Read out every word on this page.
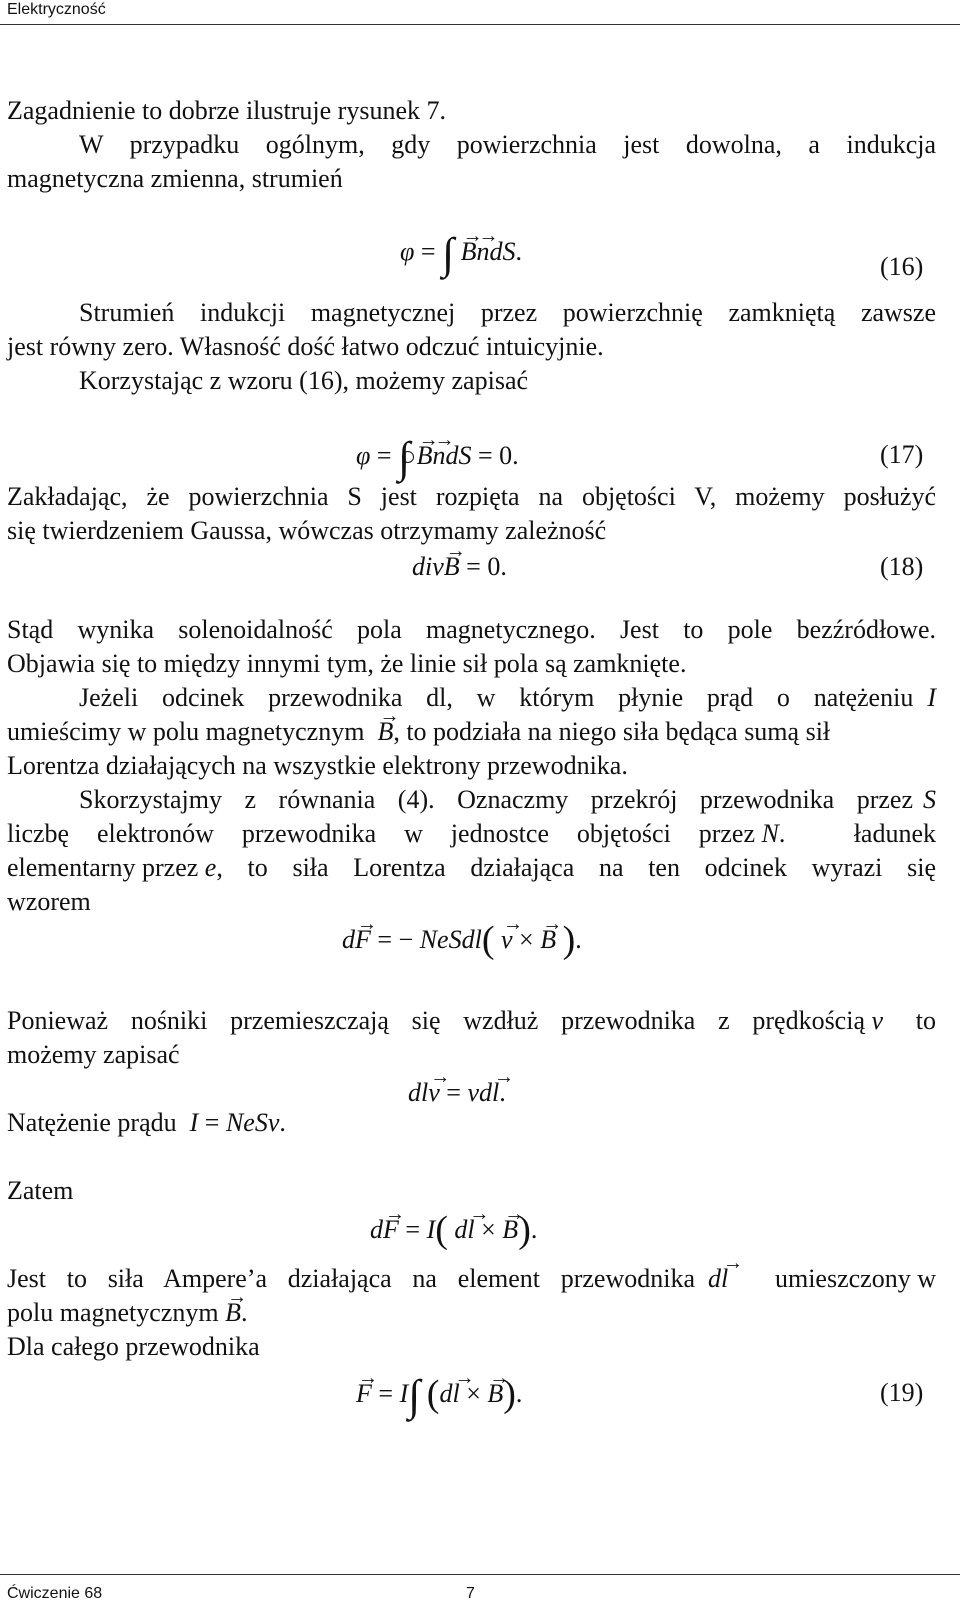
Elektryczność
Zagadnienie to dobrze ilustruje rysunek 7.
W przypadku ogólnym, gdy powierzchnia jest dowolna, a indukcja
magnetyczna zmienna, strumień
φ = ∫ → B→ ndS.
(16)
Strumień indukcji magnetycznej przez powierzchnię zamkniętą zawsze
jest równy zero. Własność dość łatwo odczuć intuicyjnie.
Korzystając z wzoru (16), możemy zapisać
φ = ∫ → B→ ndS = 0.	(17)
Zakładając, że powierzchnia S jest rozpięta na objętości V, możemy posłużyć
się twierdzeniem Gaussa, wówczas otrzymamy zależność
div→ B = 0.	(18)
Stąd wynika solenoidalność pola magnetycznego. Jest to pole bezźródłowe.
Objawia się to między innymi tym, że linie sił pola są zamknięte.
Jeżeli odcinek przewodnika dl, w którym płynie prąd o natężeniu I
umieścimy w polu magnetycznym → B, to podziała na niego siła będąca sumą sił
Lorentza działających na wszystkie elektrony przewodnika.
Skorzystajmy z równania (4). Oznaczmy przekrój przewodnika przez S
liczbę elektronów przewodnika w jednostce objętości przez
N . ładunek
elementarny przez
e , to siła Lorentza działająca na ten odcinek wyrazi się
wzorem
d→ F = − NeSdl( → v × → B ).
Ponieważ nośniki przemieszczają się wzdłuż przewodnika z prędkością
v to
możemy zapisać
dl→ v = vd→ l.
Natężenie prądu I = NeSv.
Zatem
d→ F = I( d→ l × → B).
Jest to siła Ampere’a działająca na element przewodnika
d → l umieszczony w
polu magnetycznym → B.
Dla całego przewodnika
→ F = I∫ (d→ l × → B).	(19)
Ćwiczenie 68	7
